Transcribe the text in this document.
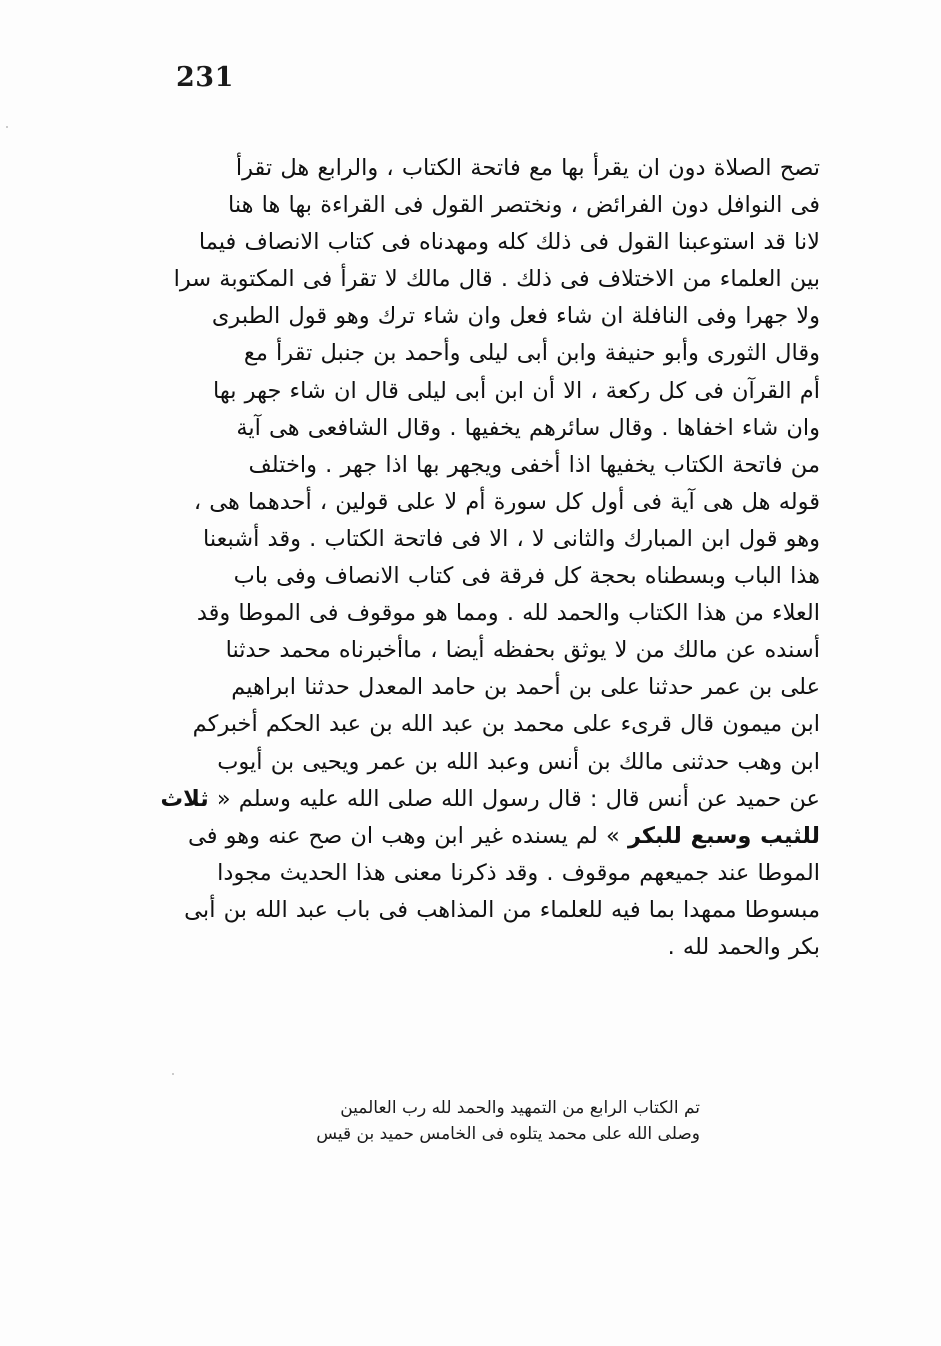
231
تصح الصلاة دون ان يقرأ بها مع فاتحة الكتاب ، والرابع هل تقرأ
فى النوافل دون الفرائض ، ونختصر القول فى القراءة بها ها هنا
لانا قد استوعبنا القول فى ذلك كله ومهدناه فى كتاب الانصاف فيما
بين العلماء من الاختلاف فى ذلك . قال مالك لا تقرأ فى المكتوبة سرا
ولا جهرا وفى النافلة ان شاء فعل وان شاء ترك وهو قول الطبرى
وقال الثورى وأبو حنيفة وابن أبى ليلى وأحمد بن جنبل تقرأ مع
أم القرآن فى كل ركعة ، الا أن ابن أبى ليلى قال ان شاء جهر بها
وان شاء اخفاها . وقال سائرهم يخفيها . وقال الشافعى هى آية
من فاتحة الكتاب يخفيها اذا أخفى ويجهر بها اذا جهر . واختلف
قوله هل هى آية فى أول كل سورة أم لا على قولين ، أحدهما هى ،
وهو قول ابن المبارك والثانى لا ، الا فى فاتحة الكتاب . وقد أشبعنا
هذا الباب وبسطناه بحجة كل فرقة فى كتاب الانصاف وفى باب
العلاء من هذا الكتاب والحمد لله . ومما هو موقوف فى الموطا وقد
أسنده عن مالك من لا يوثق بحفظه أيضا ، ماأخبرناه محمد حدثنا
على بن عمر حدثنا على بن أحمد بن حامد المعدل حدثنا ابراهيم
ابن ميمون قال قرىء على محمد بن عبد الله بن عبد الحكم أخبركم
ابن وهب حدثنى مالك بن أنس وعبد الله بن عمر ويحيى بن أيوب
عن حميد عن أنس قال : قال رسول الله صلى الله عليه وسلم « ثلاث
للثيب وسبع للبكر » لم يسنده غير ابن وهب ان صح عنه وهو فى
الموطا عند جميعهم موقوف . وقد ذكرنا معنى هذا الحديث مجودا
مبسوطا ممهدا بما فيه للعلماء من المذاهب فى باب عبد الله بن أبى
بكر والحمد لله .
تم الكتاب الرابع من التمهيد والحمد لله رب العالمين
وصلى الله على محمد يتلوه فى الخامس حميد بن قيس
